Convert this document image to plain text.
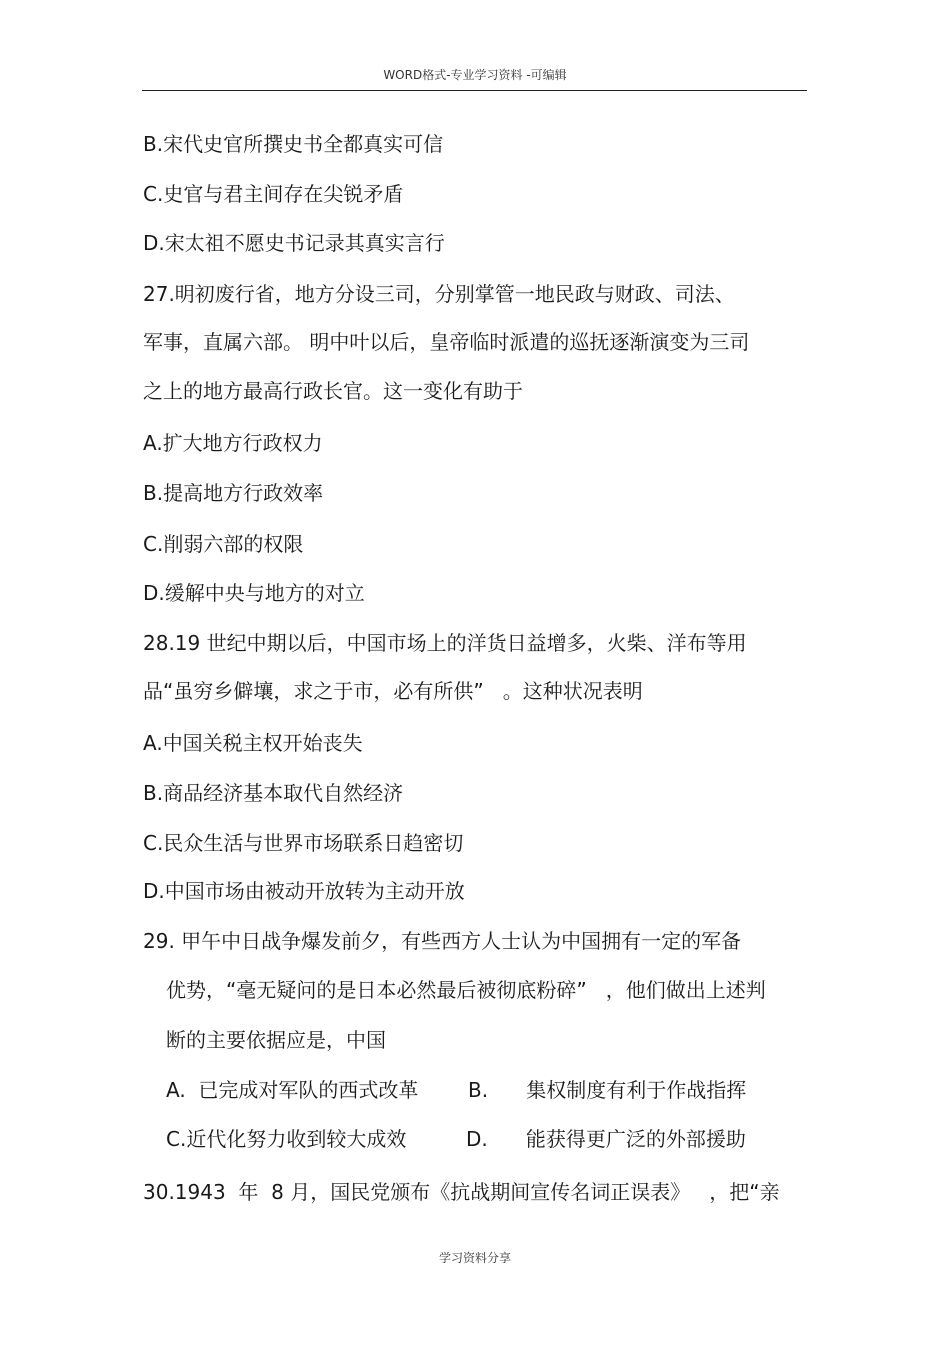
WORD格式-专业学习资料 -可编辑
B.宋代史官所撰史书全都真实可信
C.史官与君主间存在尖锐矛盾
D.宋太祖不愿史书记录其真实言行
27.明初废行省，地方分设三司，分别掌管一地民政与财政、司法、
军事，直属六部。 明中叶以后，皇帝临时派遣的巡抚逐渐演变为三司
之上的地方最高行政长官。这一变化有助于
A.扩大地方行政权力
B.提高地方行政效率
C.削弱六部的权限
D.缓解中央与地方的对立
28.19 世纪中期以后，中国市场上的洋货日益增多，火柴、洋布等用
品“虽穷乡僻壤，求之于市，必有所供”   。这种状况表明
A.中国关税主权开始丧失
B.商品经济基本取代自然经济
C.民众生活与世界市场联系日趋密切
D.中国市场由被动开放转为主动开放
29. 甲午中日战争爆发前夕，有些西方人士认为中国拥有一定的军备
优势，“毫无疑问的是日本必然最后被彻底粉碎”   ，他们做出上述判
断的主要依据应是，中国
A.  已完成对军队的西式改革 B.      集权制度有利于作战指挥
C.近代化努力收到较大成效	D.      能获得更广泛的外部援助
30.1943  年  8 月，国民党颁布《抗战期间宣传名词正误表》   ，把“亲
学习资料分享
